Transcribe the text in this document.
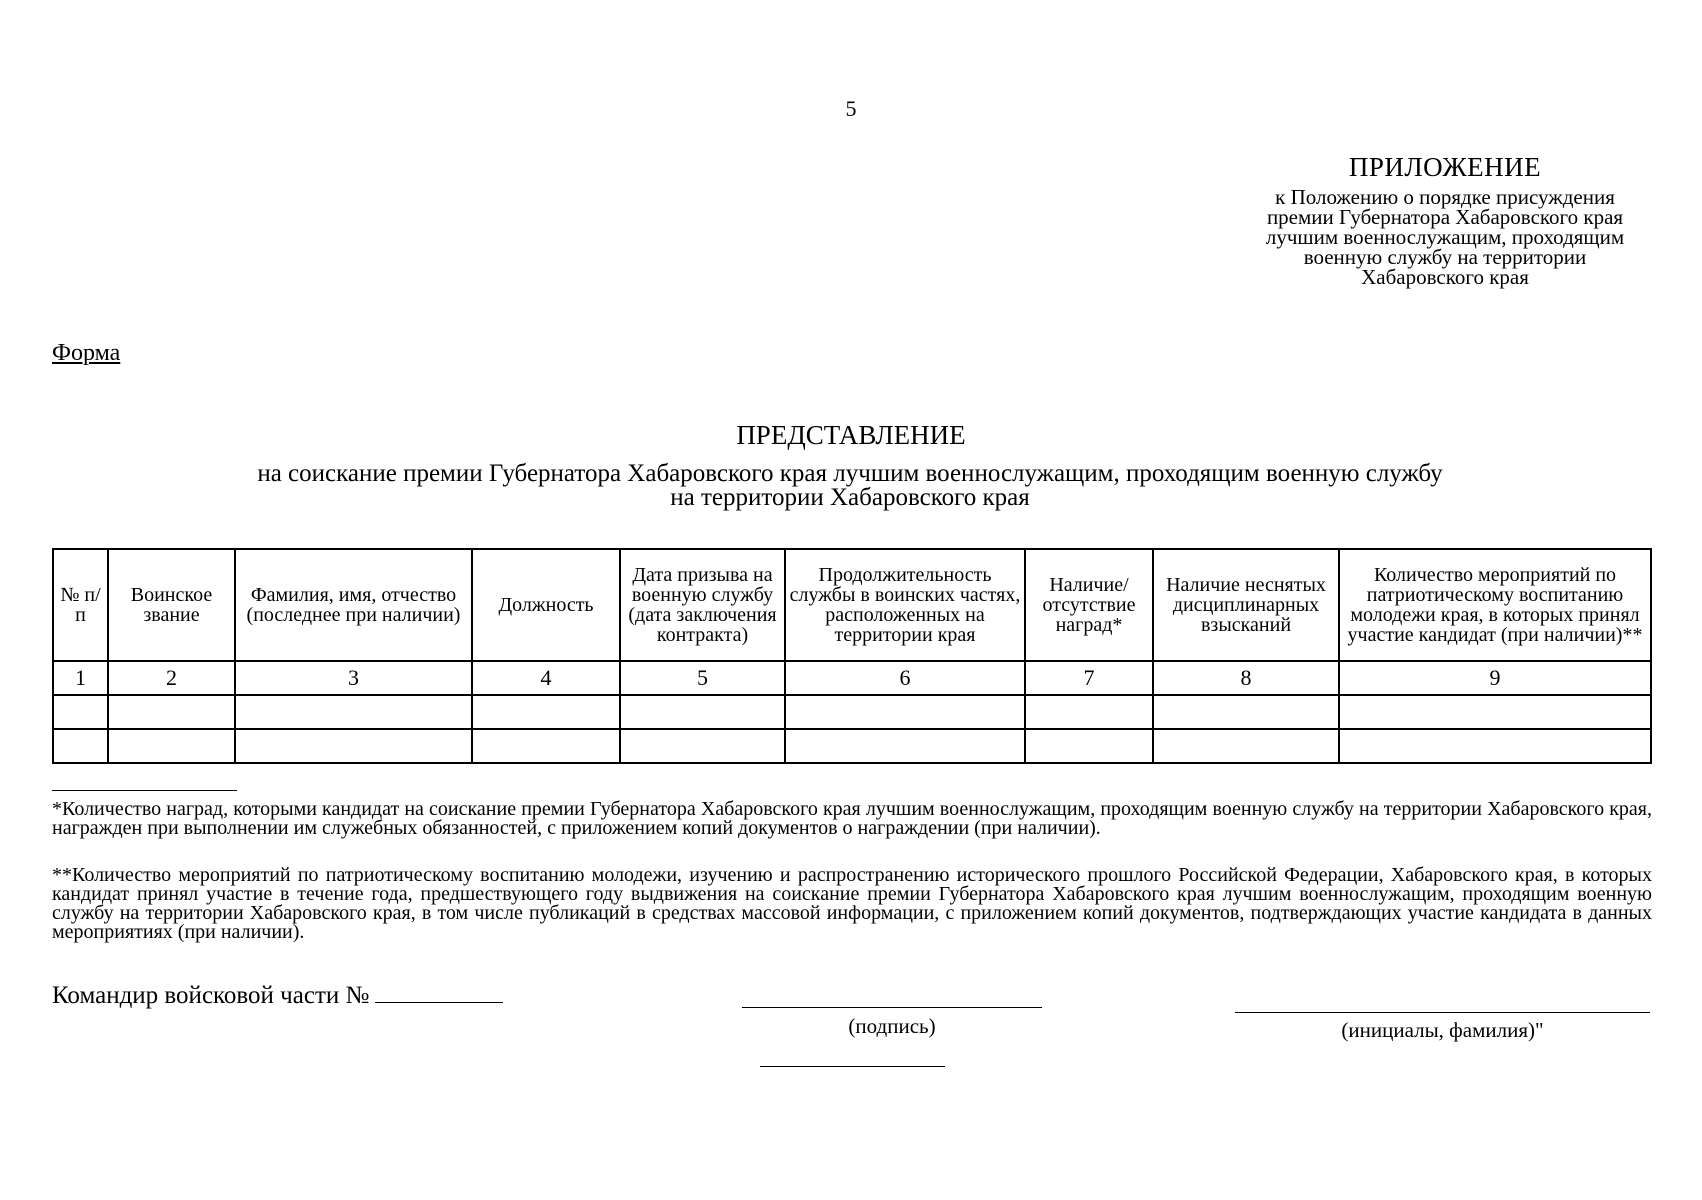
5
ПРИЛОЖЕНИЕ
к Положению о порядке присуждения
премии Губернатора Хабаровского края
лучшим военнослужащим, проходящим
военную службу на территории
Хабаровского края
Форма
ПРЕДСТАВЛЕНИЕ
на соискание премии Губернатора Хабаровского края лучшим военнослужащим, проходящим военную службу
на территории Хабаровского края
№ п/п	Воинское звание	Фамилия, имя, отчество (последнее при наличии)	Должность	Дата призыва на военную службу (дата заключения контракта)	Продолжительность службы в воинских частях, расположенных на территории края	Наличие/ отсутствие наград*	Наличие неснятых дисциплинарных взысканий	Количество мероприятий по патриотическому воспитанию молодежи края, в которых принял участие кандидат (при наличии)**
1	2	3	4	5	6	7	8	9

*Количество наград, которыми кандидат на соискание премии Губернатора Хабаровского края лучшим военнослужащим, проходящим военную службу на территории Хабаровского края, награжден при выполнении им служебных обязанностей, с приложением копий документов о награждении (при наличии).
**Количество мероприятий по патриотическому воспитанию молодежи, изучению и распространению исторического прошлого Российской Федерации, Хабаровского края, в которых кандидат принял участие в течение года, предшествующего году выдвижения на соискание премии Губернатора Хабаровского края лучшим военнослужащим, проходящим военную службу на территории Хабаровского края, в том числе публикаций в средствах массовой информации, с приложением копий документов, подтверждающих участие кандидата в данных мероприятиях (при наличии).
Командир войсковой части №
(подпись)	(инициалы, фамилия)"
